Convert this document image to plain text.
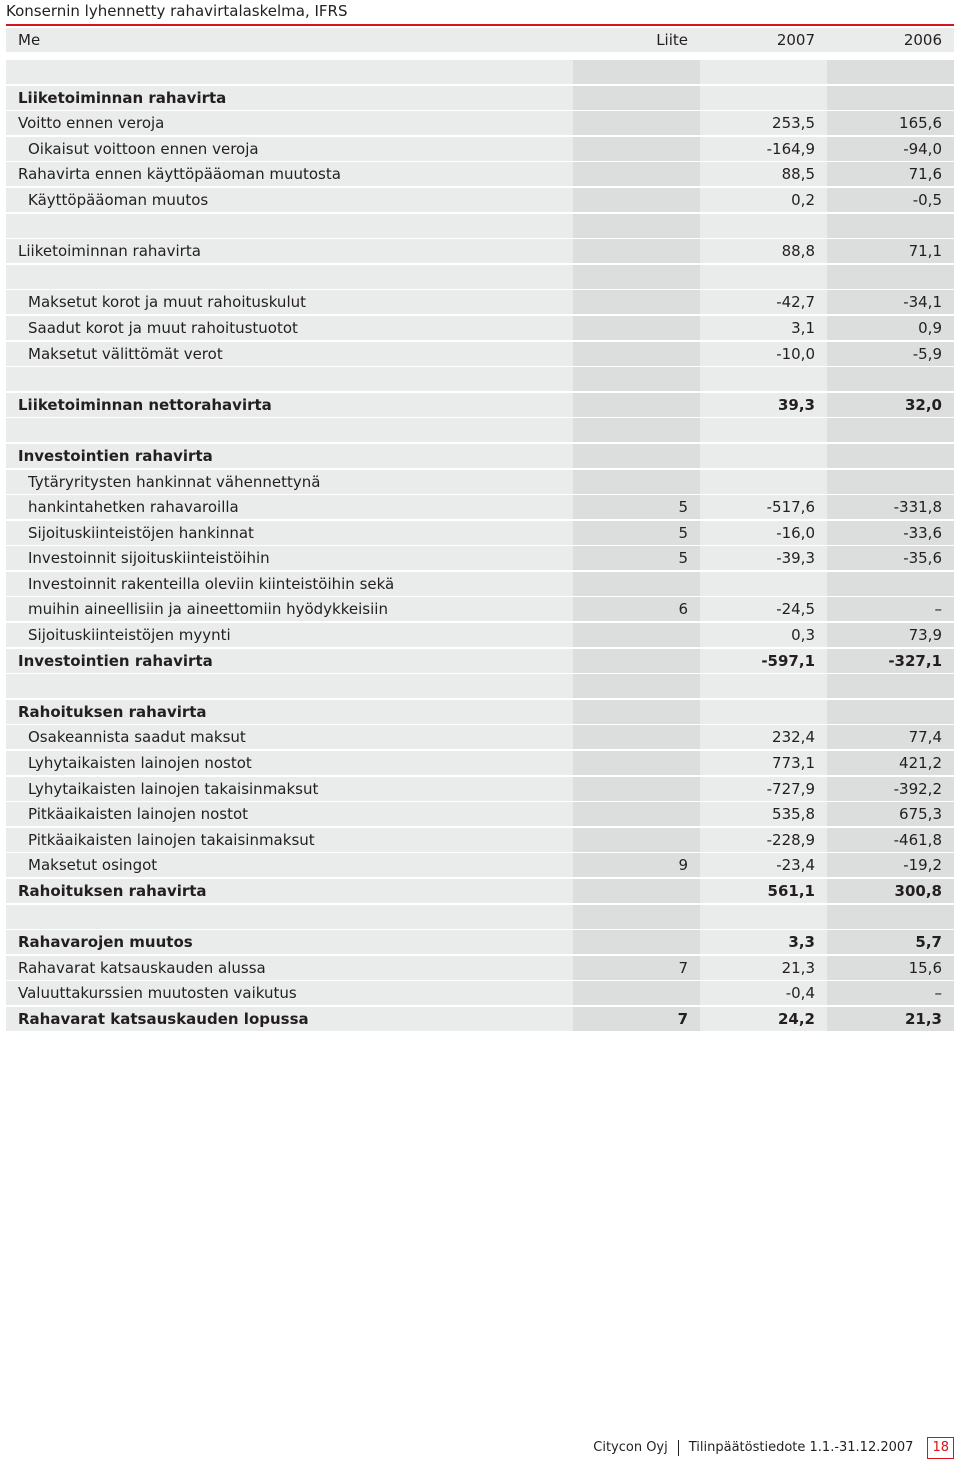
Konsernin lyhennetty rahavirtalaskelma, IFRS
Me	Liite	2007	2006
Liiketoiminnan rahavirta
Voitto ennen veroja	253,5	165,6
Oikaisut voittoon ennen veroja	-164,9	-94,0
Rahavirta ennen käyttöpääoman muutosta	88,5	71,6
Käyttöpääoman muutos	0,2	-0,5
Liiketoiminnan rahavirta	88,8	71,1
Maksetut korot ja muut rahoituskulut	-42,7	-34,1
Saadut korot ja muut rahoitustuotot	3,1	0,9
Maksetut välittömät verot	-10,0	-5,9
Liiketoiminnan nettorahavirta	39,3	32,0
Investointien rahavirta
Tytäryritysten hankinnat vähennettynä
hankintahetken rahavaroilla	5	-517,6	-331,8
Sijoituskiinteistöjen hankinnat	5	-16,0	-33,6
Investoinnit sijoituskiinteistöihin	5	-39,3	-35,6
Investoinnit rakenteilla oleviin kiinteistöihin sekä
muihin aineellisiin ja aineettomiin hyödykkeisiin	6	-24,5	–
Sijoituskiinteistöjen myynti	0,3	73,9
Investointien rahavirta	-597,1	-327,1
Rahoituksen rahavirta
Osakeannista saadut maksut	232,4	77,4
Lyhytaikaisten lainojen nostot	773,1	421,2
Lyhytaikaisten lainojen takaisinmaksut	-727,9	-392,2
Pitkäaikaisten lainojen nostot	535,8	675,3
Pitkäaikaisten lainojen takaisinmaksut	-228,9	-461,8
Maksetut osingot	9	-23,4	-19,2
Rahoituksen rahavirta	561,1	300,8
Rahavarojen muutos	3,3	5,7
Rahavarat katsauskauden alussa	7	21,3	15,6
Valuuttakurssien muutosten vaikutus	-0,4	–
Rahavarat katsauskauden lopussa	7	24,2	21,3
Citycon Oyj Tilinpäätöstiedote 1.1.-31.12.2007	18
